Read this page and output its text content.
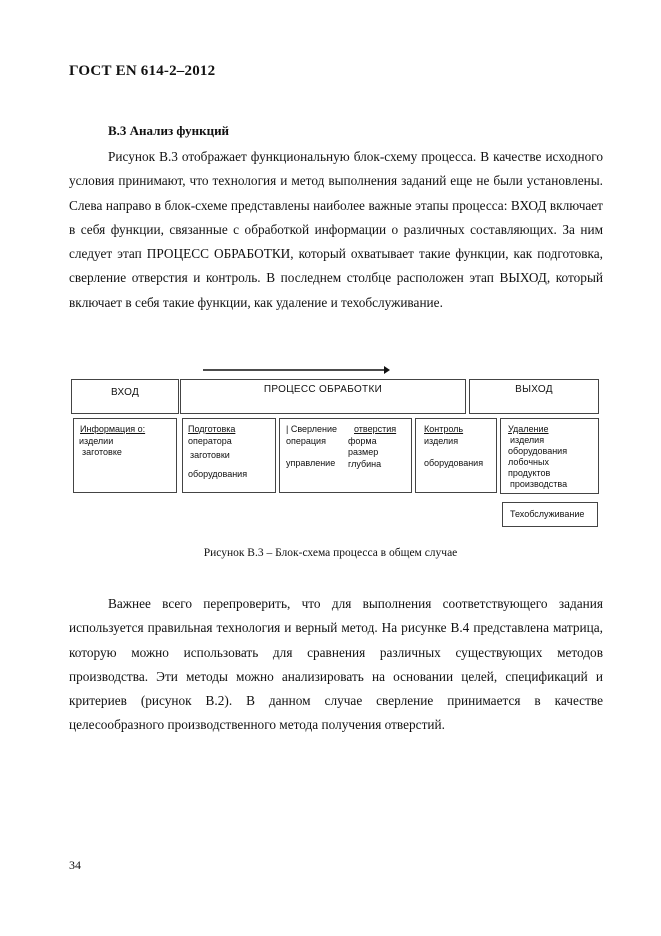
ГОСТ EN 614-2–2012
В.3 Анализ функций
Рисунок В.3 отображает функциональную блок-схему процесса. В качестве исходного условия принимают, что технология и метод выполнения заданий еще не были установлены. Слева направо в блок-схеме представлены наиболее важные этапы процесса: ВХОД включает в себя функции, связанные с обработкой информации о различных составляющих. За ним следует этап ПРОЦЕСС ОБРАБОТКИ, который охватывает такие функции, как подготовка, сверление отверстия и контроль. В последнем столбце расположен этап ВЫХОД, который включает в себя такие функции, как удаление и техобслуживание.
ВХОД	ПРОЦЕСС ОБРАБОТКИ	ВЫХОД
Информация о:
изделии
заготовке
Подготовка
оператора
заготовки
оборудования
| Сверление
операция
управление
отверстия
форма
размер
глубина
Контроль
изделия
оборудования
Удаление
изделия
оборудования
лобочных
продуктов
производства
Техобслуживание
Рисунок В.3 – Блок-схема процесса в общем случае
Важнее всего перепроверить, что для выполнения соответствующего задания используется правильная технология и верный метод. На рисунке В.4 представлена матрица, которую можно использовать для сравнения различных существующих методов производства. Эти методы можно анализировать на основании целей, спецификаций и критериев (рисунок В.2). В данном случае сверление принимается в качестве целесообразного производственного метода получения отверстий.
34
